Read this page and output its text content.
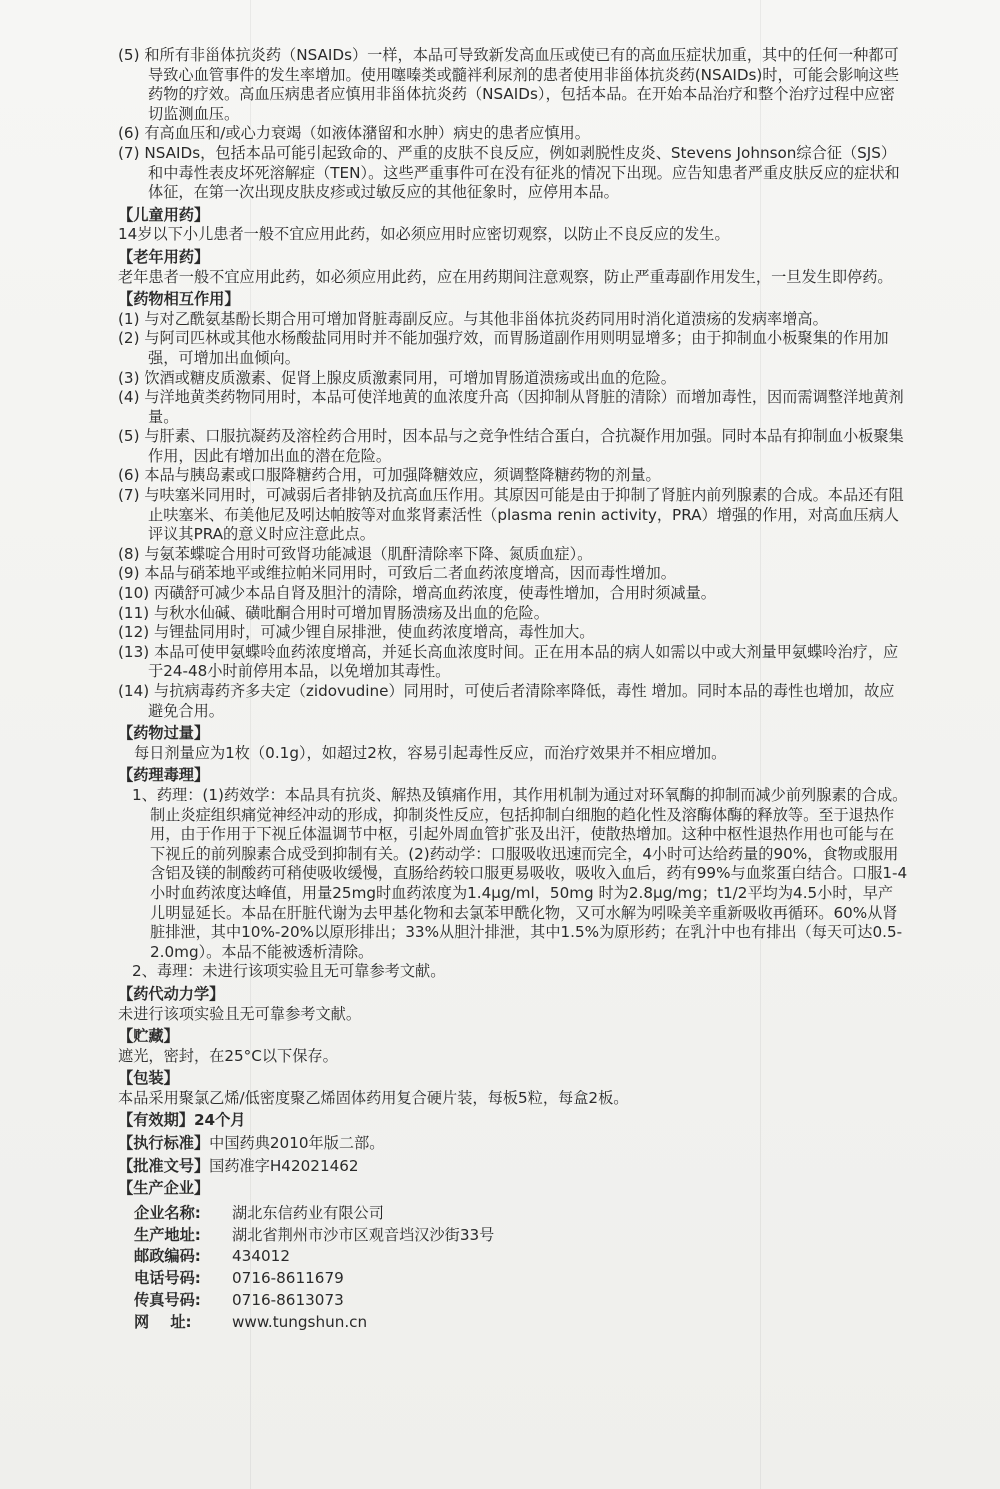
(5) 和所有非甾体抗炎药（NSAIDs）一样，本品可导致新发高血压或使已有的高血压症状加重，其中的任何一种都可导致心血管事件的发生率增加。使用噻嗪类或髓袢利尿剂的患者使用非甾体抗炎药(NSAIDs)时，可能会影响这些药物的疗效。高血压病患者应慎用非甾体抗炎药（NSAIDs），包括本品。在开始本品治疗和整个治疗过程中应密切监测血压。

(6) 有高血压和/或心力衰竭（如液体潴留和水肿）病史的患者应慎用。

(7) NSAIDs，包括本品可能引起致命的、严重的皮肤不良反应，例如剥脱性皮炎、Stevens Johnson综合征（SJS）和中毒性表皮坏死溶解症（TEN）。这些严重事件可在没有征兆的情况下出现。应告知患者严重皮肤反应的症状和体征，在第一次出现皮肤皮疹或过敏反应的其他征象时，应停用本品。

【儿童用药】

14岁以下小儿患者一般不宜应用此药，如必须应用时应密切观察，以防止不良反应的发生。

【老年用药】

老年患者一般不宜应用此药，如必须应用此药，应在用药期间注意观察，防止严重毒副作用发生，一旦发生即停药。

【药物相互作用】

(1) 与对乙酰氨基酚长期合用可增加肾脏毒副反应。与其他非甾体抗炎药同用时消化道溃疡的发病率增高。

(2) 与阿司匹林或其他水杨酸盐同用时并不能加强疗效，而胃肠道副作用则明显增多；由于抑制血小板聚集的作用加强，可增加出血倾向。

(3) 饮酒或糖皮质激素、促肾上腺皮质激素同用，可增加胃肠道溃疡或出血的危险。

(4) 与洋地黄类药物同用时，本品可使洋地黄的血浓度升高（因抑制从肾脏的清除）而增加毒性，因而需调整洋地黄剂量。

(5) 与肝素、口服抗凝药及溶栓药合用时，因本品与之竞争性结合蛋白，合抗凝作用加强。同时本品有抑制血小板聚集作用，因此有增加出血的潜在危险。

(6) 本品与胰岛素或口服降糖药合用，可加强降糖效应，须调整降糖药物的剂量。

(7) 与呋塞米同用时，可减弱后者排钠及抗高血压作用。其原因可能是由于抑制了肾脏内前列腺素的合成。本品还有阻止呋塞米、布美他尼及吲达帕胺等对血浆肾素活性（plasma renin activity，PRA）增强的作用，对高血压病人评议其PRA的意义时应注意此点。

(8) 与氨苯蝶啶合用时可致肾功能减退（肌酐清除率下降、氮质血症）。

(9) 本品与硝苯地平或维拉帕米同用时，可致后二者血药浓度增高，因而毒性增加。

(10) 丙磺舒可减少本品自肾及胆汁的清除，增高血药浓度，使毒性增加，合用时须减量。

(11) 与秋水仙碱、磺吡酮合用时可增加胃肠溃疡及出血的危险。

(12) 与锂盐同用时，可减少锂自尿排泄，使血药浓度增高，毒性加大。

(13) 本品可使甲氨蝶呤血药浓度增高，并延长高血浓度时间。正在用本品的病人如需以中或大剂量甲氨蝶呤治疗，应于24-48小时前停用本品，以免增加其毒性。

(14) 与抗病毒药齐多夫定（zidovudine）同用时，可使后者清除率降低，毒性 增加。同时本品的毒性也增加，故应避免合用。

【药物过量】

每日剂量应为1枚（0.1g），如超过2枚，容易引起毒性反应，而治疗效果并不相应增加。

【药理毒理】

1、药理：(1)药效学：本品具有抗炎、解热及镇痛作用，其作用机制为通过对环氧酶的抑制而减少前列腺素的合成。制止炎症组织痛觉神经冲动的形成，抑制炎性反应，包括抑制白细胞的趋化性及溶酶体酶的释放等。至于退热作用，由于作用于下视丘体温调节中枢，引起外周血管扩张及出汗，使散热增加。这种中枢性退热作用也可能与在下视丘的前列腺素合成受到抑制有关。(2)药动学：口服吸收迅速而完全，4小时可达给药量的90%，食物或服用含铝及镁的制酸药可稍使吸收缓慢，直肠给药较口服更易吸收，吸收入血后，药有99%与血浆蛋白结合。口服1-4小时血药浓度达峰值，用量25mg时血药浓度为1.4μg/ml，50mg 时为2.8μg/mg；t1/2平均为4.5小时，早产儿明显延长。本品在肝脏代谢为去甲基化物和去氯苯甲酰化物，又可水解为吲哚美辛重新吸收再循环。60%从肾脏排泄，其中10%-20%以原形排出；33%从胆汁排泄，其中1.5%为原形药；在乳汁中也有排出（每天可达0.5-2.0mg）。本品不能被透析清除。

2、毒理：未进行该项实验且无可靠参考文献。

【药代动力学】

未进行该项实验且无可靠参考文献。

【贮藏】

遮光，密封，在25°C以下保存。

【包装】

本品采用聚氯乙烯/低密度聚乙烯固体药用复合硬片装，每板5粒，每盒2板。

【有效期】24个月

【执行标准】中国药典2010年版二部。

【批准文号】国药准字H42021462

【生产企业】

企业名称:	湖北东信药业有限公司
生产地址:	湖北省荆州市沙市区观音垱汉沙街33号
邮政编码:	434012
电话号码:	0716-8611679
传真号码:	0716-8613073
网    址:	www.tungshun.cn
